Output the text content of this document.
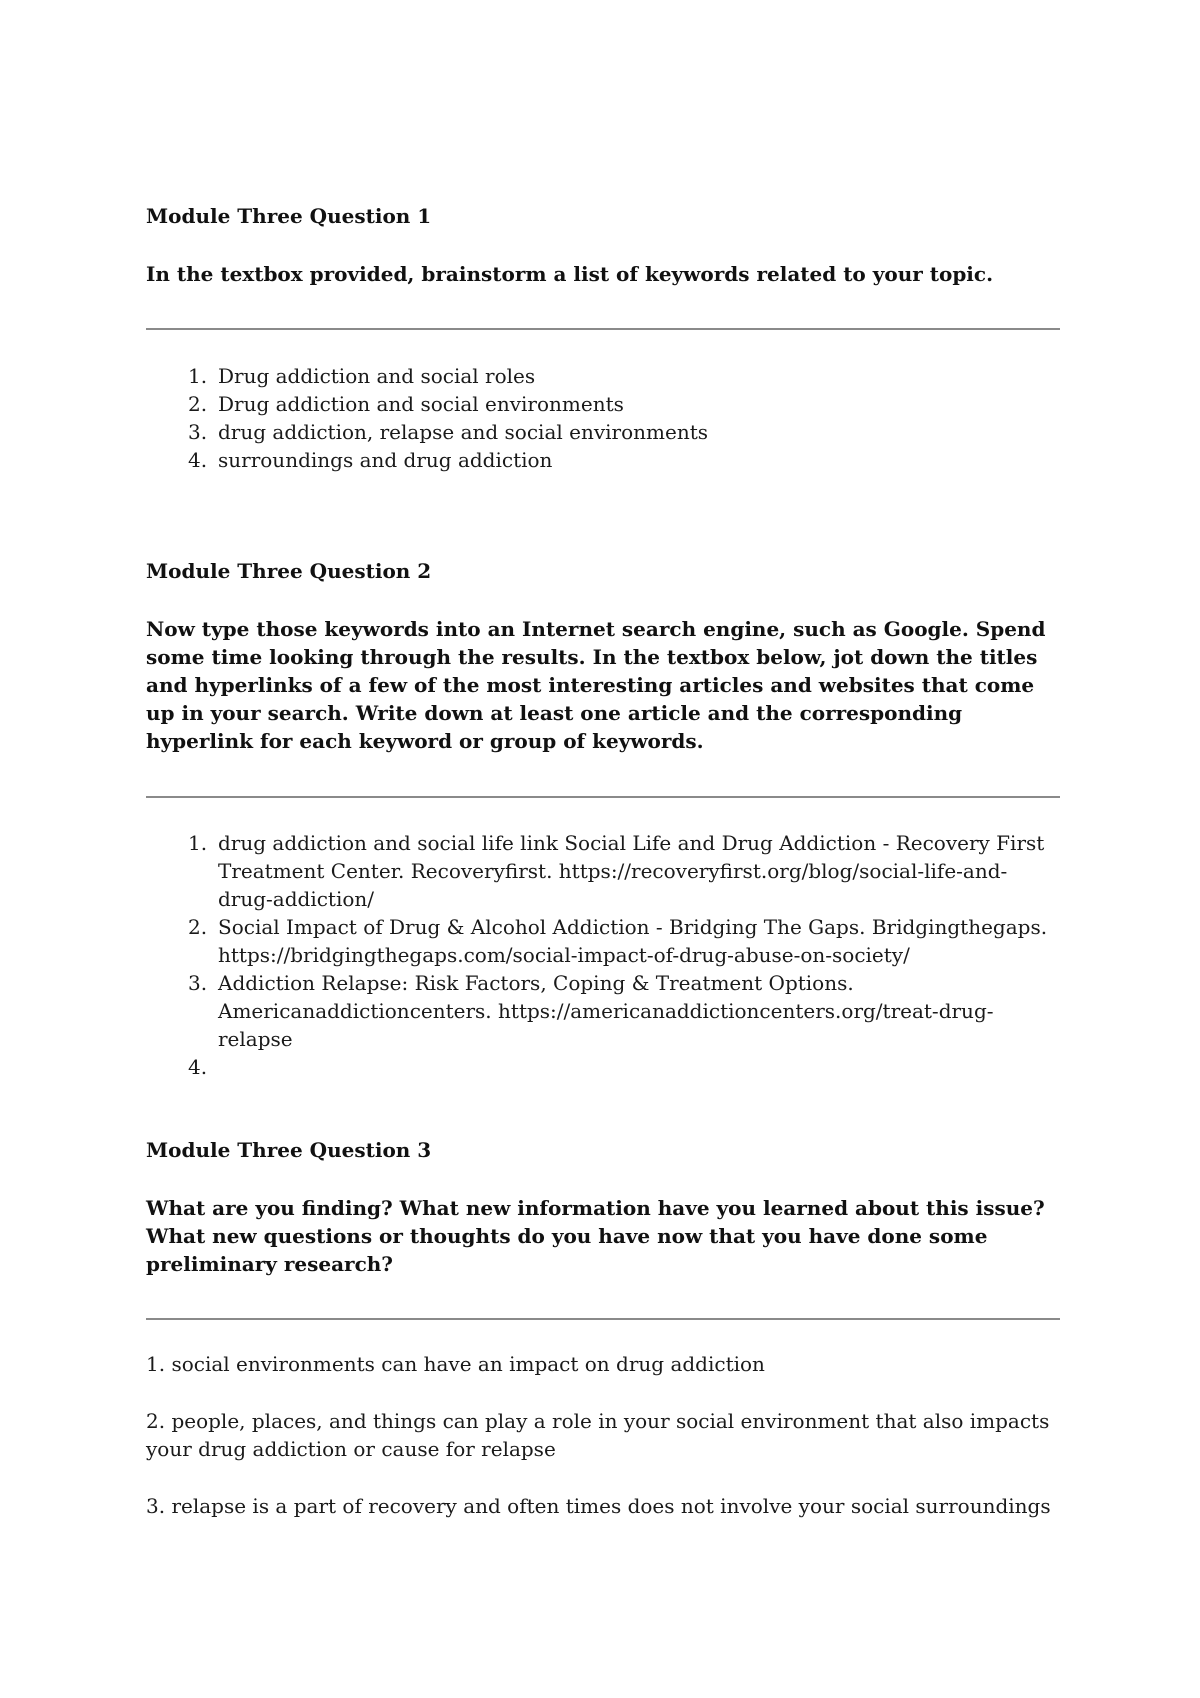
Module Three Question 1

In the textbox provided, brainstorm a list of keywords related to your topic.

1. Drug addiction and social roles
2. Drug addiction and social environments
3. drug addiction, relapse and social environments
4. surroundings and drug addiction
Module Three Question 2

Now type those keywords into an Internet search engine, such as Google. Spend some time looking through the results. In the textbox below, jot down the titles and hyperlinks of a few of the most interesting articles and websites that come up in your search. Write down at least one article and the corresponding hyperlink for each keyword or group of keywords.

1. drug addiction and social life link Social Life and Drug Addiction - Recovery First Treatment Center. Recoveryfirst. https://recoveryfirst.org/blog/social-life-and-drug-addiction/
2. Social Impact of Drug & Alcohol Addiction - Bridging The Gaps. Bridgingthegaps. https://bridgingthegaps.com/social-impact-of-drug-abuse-on-society/
3. Addiction Relapse: Risk Factors, Coping & Treatment Options. Americanaddictioncenters. https://americanaddictioncenters.org/treat-drug-relapse
4.
Module Three Question 3

What are you finding? What new information have you learned about this issue? What new questions or thoughts do you have now that you have done some preliminary research?

1. social environments can have an impact on drug addiction

2. people, places, and things can play a role in your social environment that also impacts your drug addiction or cause for relapse

3. relapse is a part of recovery and often times does not involve your social surroundings
